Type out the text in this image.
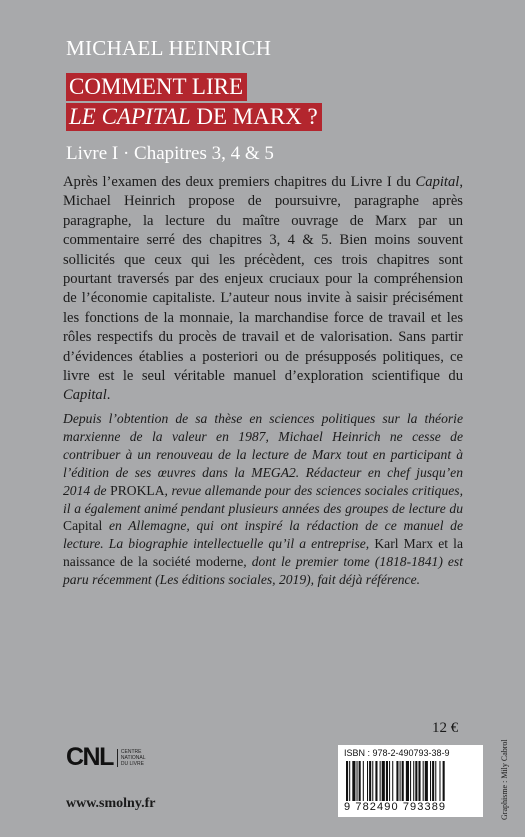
MICHAEL HEINRICH
COMMENT LIRE
LE CAPITAL DE MARX ?
Livre I · Chapitres 3, 4 & 5

Après l’examen des deux premiers chapitres du Livre I du Capital, Michael Heinrich propose de poursuivre, paragraphe après paragraphe, la lecture du maître ouvrage de Marx par un commentaire serré des chapitres 3, 4 & 5. Bien moins souvent sollicités que ceux qui les précèdent, ces trois chapitres sont pourtant traversés par des enjeux cruciaux pour la compréhension de l’économie capitaliste. L’auteur nous invite à saisir précisément les fonctions de la monnaie, la marchandise force de travail et les rôles respectifs du procès de travail et de valorisation. Sans partir d’évidences établies a posteriori ou de présupposés politiques, ce livre est le seul véritable manuel d’exploration scientifique du Capital.

Depuis l’obtention de sa thèse en sciences politiques sur la théorie marxienne de la valeur en 1987, Michael Heinrich ne cesse de contribuer à un renouveau de la lecture de Marx tout en participant à l’édition de ses œuvres dans la MEGA2. Rédacteur en chef jusqu’en 2014 de PROKLA, revue allemande pour des sciences sociales critiques, il a également animé pendant plusieurs années des groupes de lecture du Capital en Allemagne, qui ont inspiré la rédaction de ce manuel de lecture. La biographie intellectuelle qu’il a entreprise, Karl Marx et la naissance de la société moderne, dont le premier tome (1818-1841) est paru récemment (Les éditions sociales, 2019), fait déjà référence.

12 €
CNL	CENTRE
NATIONAL
DU LIVRE
www.smolny.fr
ISBN : 978-2-490793-38-9
9 782490 793389	Graphisme : Mily Cabrol
